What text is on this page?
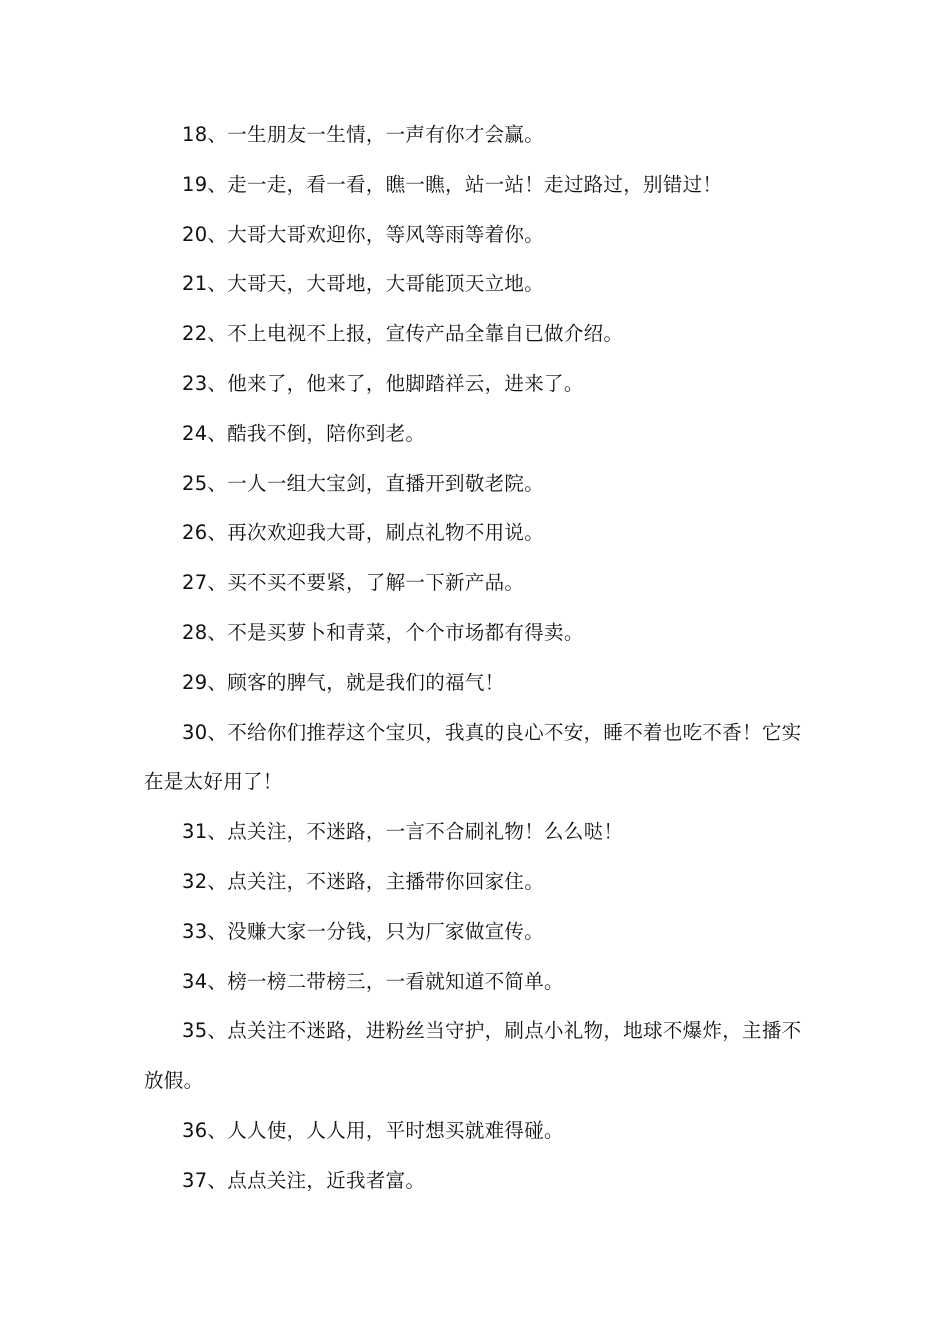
18、一生朋友一生情，一声有你才会赢。

19、走一走，看一看，瞧一瞧，站一站！走过路过，别错过！

20、大哥大哥欢迎你，等风等雨等着你。

21、大哥天，大哥地，大哥能顶天立地。

22、不上电视不上报，宣传产品全靠自已做介绍。

23、他来了，他来了，他脚踏祥云，进来了。

24、酷我不倒，陪你到老。

25、一人一组大宝剑，直播开到敬老院。

26、再次欢迎我大哥，刷点礼物不用说。

27、买不买不要紧，了解一下新产品。

28、不是买萝卜和青菜，个个市场都有得卖。

29、顾客的脾气，就是我们的福气！

30、不给你们推荐这个宝贝，我真的良心不安，睡不着也吃不香！它实在是太好用了！

31、点关注，不迷路，一言不合刷礼物！么么哒！

32、点关注，不迷路，主播带你回家住。

33、没赚大家一分钱，只为厂家做宣传。

34、榜一榜二带榜三，一看就知道不简单。

35、点关注不迷路，进粉丝当守护，刷点小礼物，地球不爆炸，主播不放假。

36、人人使，人人用，平时想买就难得碰。

37、点点关注，近我者富。
